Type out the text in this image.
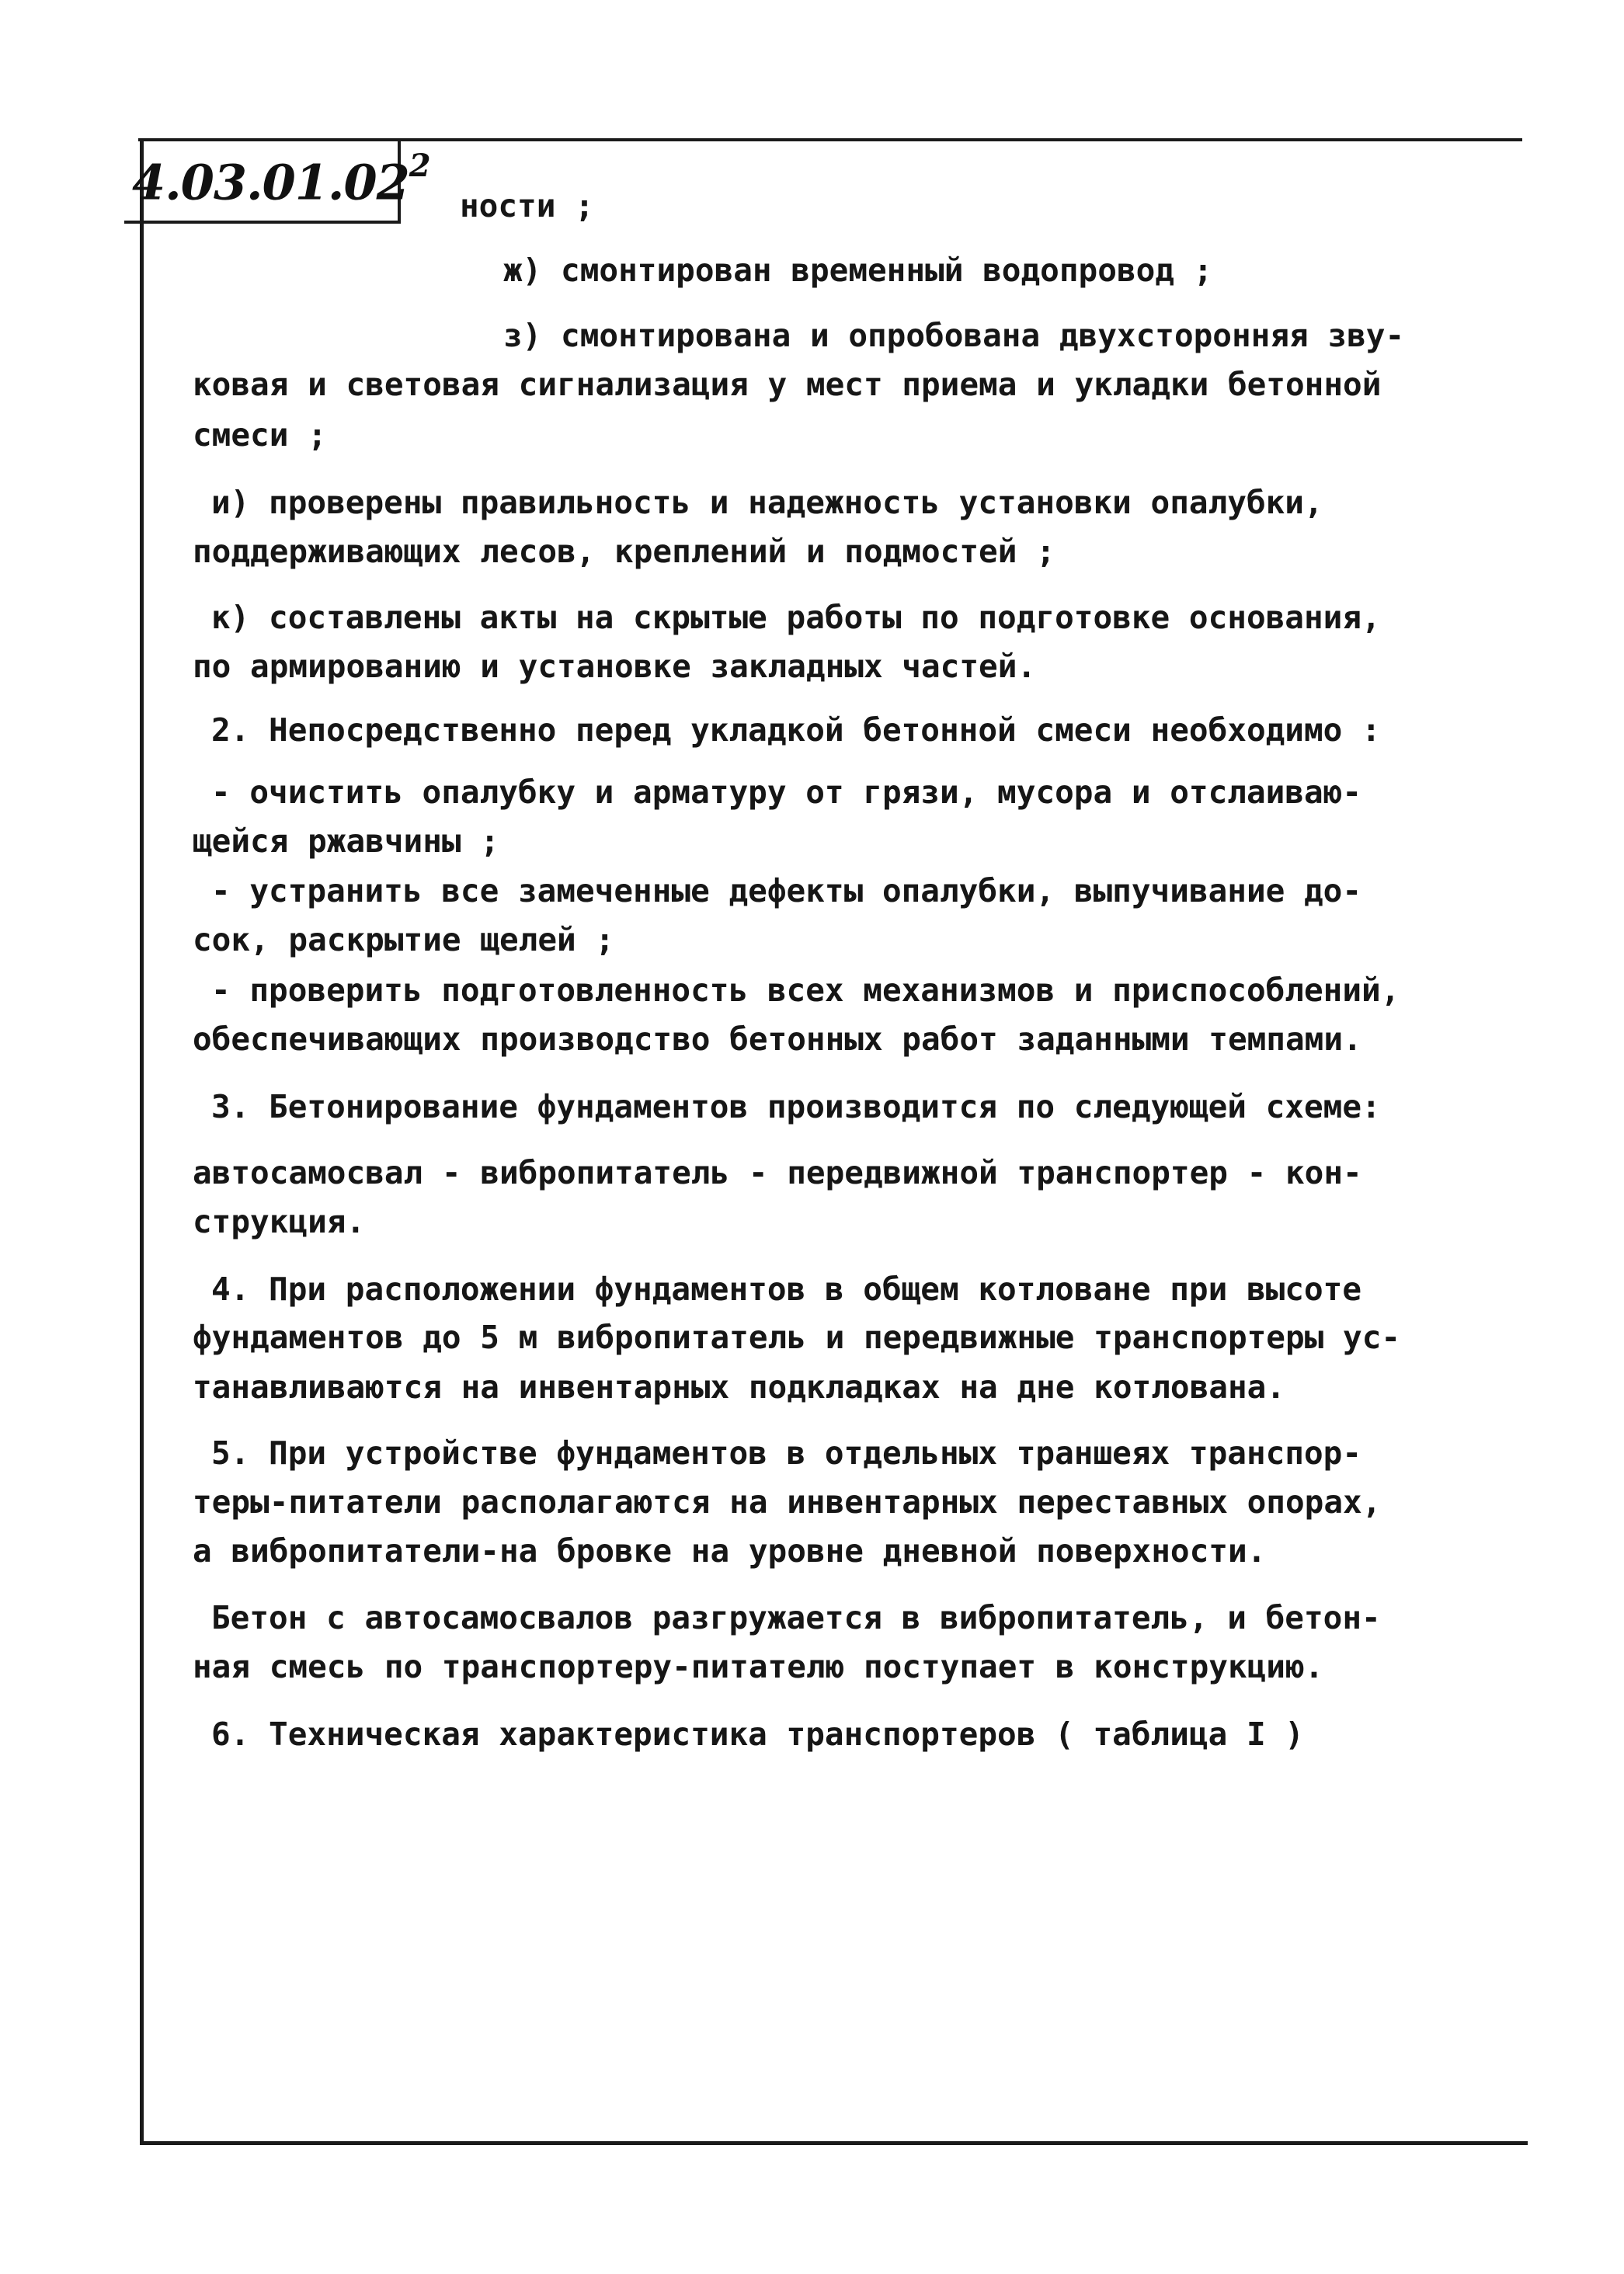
4.03.01.02$^2$
ности ;
ж) смонтирован временный водопровод ;
з) смонтирована и опробована двухсторонняя зву-
ковая и световая сигнализация у мест приема и укладки бетонной
смеси ;
и) проверены правильность и надежность установки опалубки,
поддерживающих лесов, креплений и подмостей ;
к) составлены акты на скрытые работы по подготовке основания,
по армированию и установке закладных частей.
2. Непосредственно перед укладкой бетонной смеси необходимо :
- очистить опалубку и арматуру от грязи, мусора и отслаиваю-
щейся ржавчины ;
- устранить все замеченные дефекты опалубки, выпучивание до-
сок, раскрытие щелей ;
- проверить подготовленность всех механизмов и приспособлений,
обеспечивающих производство бетонных работ заданными темпами.
3. Бетонирование фундаментов производится по следующей схеме:
автосамосвал - вибропитатель - передвижной транспортер - кон-
струкция.
4. При расположении фундаментов в общем котловане при высоте
фундаментов до 5 м вибропитатель и передвижные транспортеры ус-
танавливаются на инвентарных подкладках на дне котлована.
5. При устройстве фундаментов в отдельных траншеях транспор-
теры-питатели располагаются на инвентарных переставных опорах,
а вибропитатели-на бровке на уровне дневной поверхности.
Бетон с автосамосвалов разгружается в вибропитатель, и бетон-
ная смесь по транспортеру-питателю поступает в конструкцию.
6. Техническая характеристика транспортеров ( таблица I )
